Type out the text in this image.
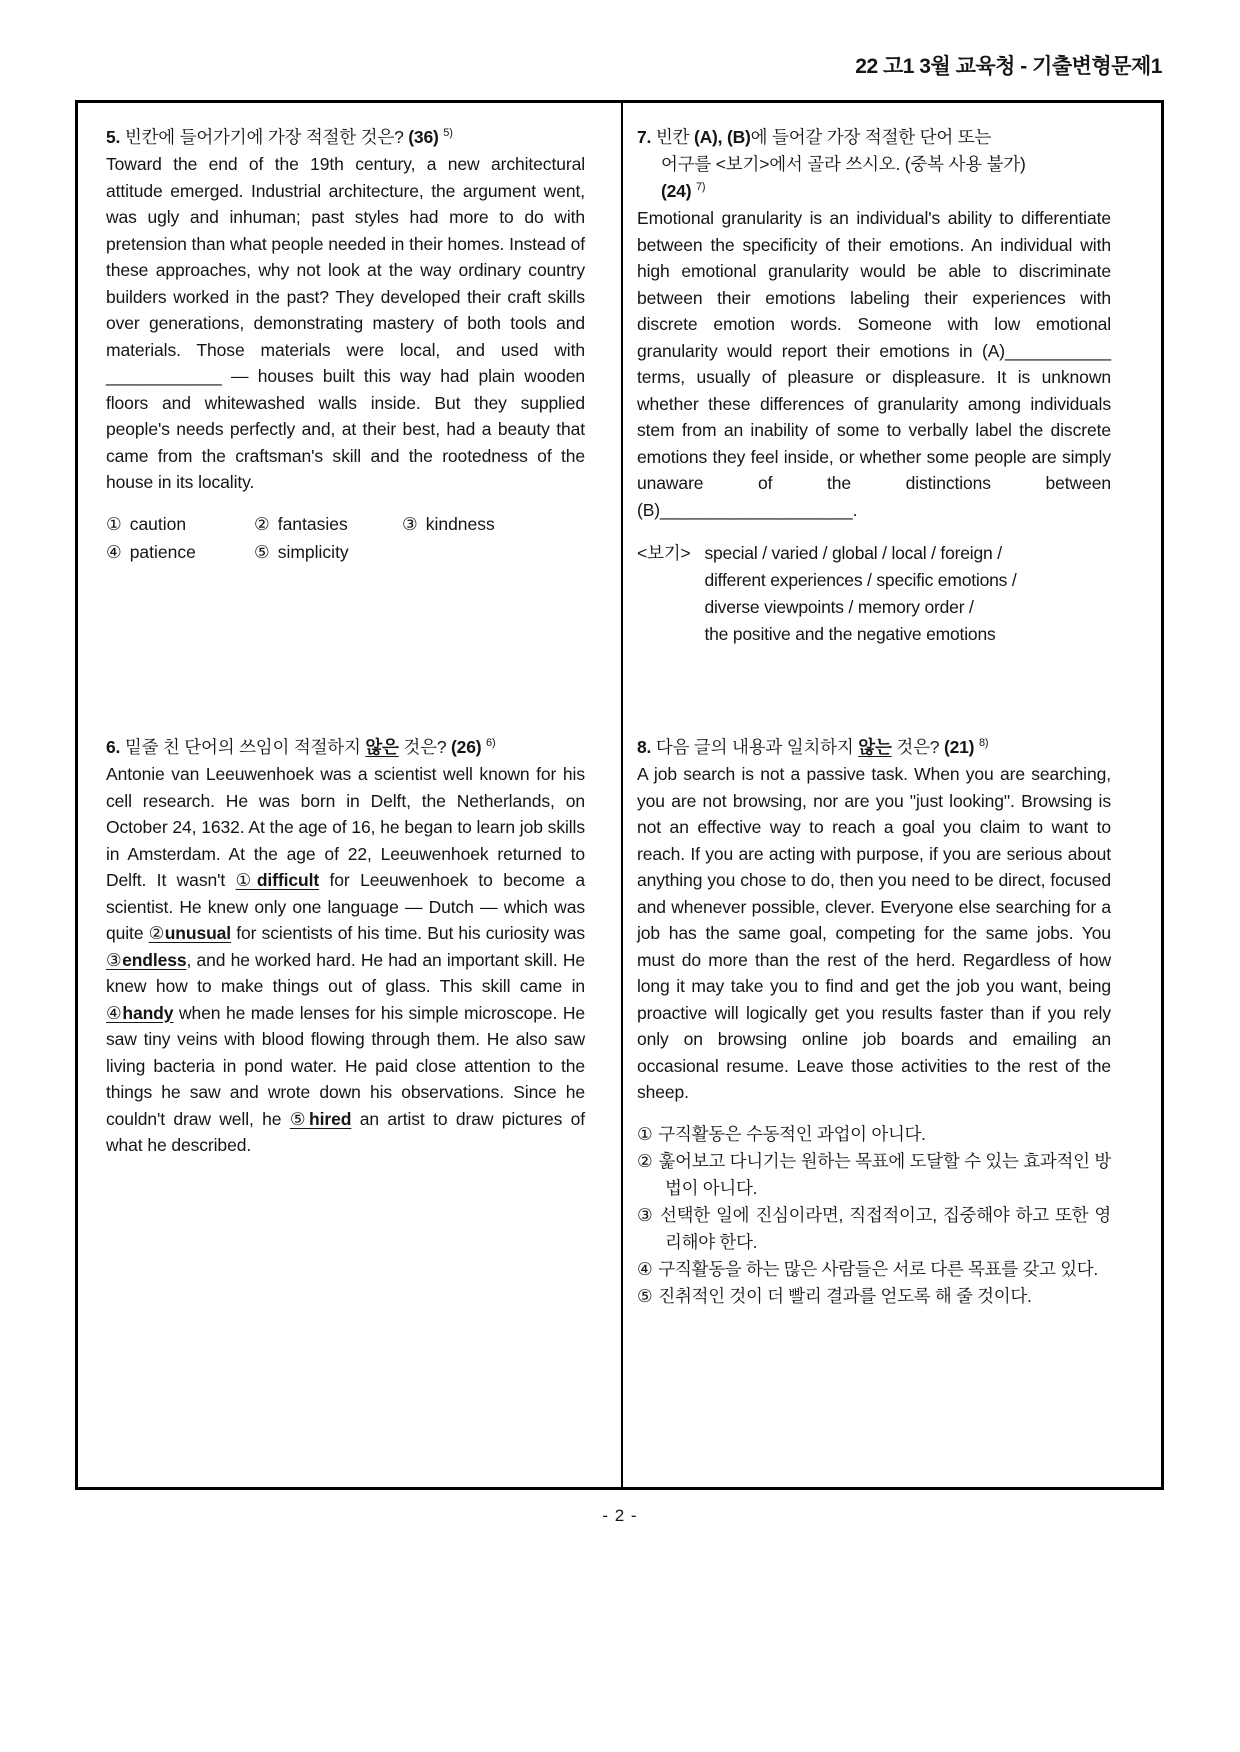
22 고1 3월 교육청 - 기출변형문제1
5. 빈칸에 들어가기에 가장 적절한 것은? (36) $^{5)}$
Toward the end of the 19th century, a new architectural attitude emerged. Industrial architecture, the argument went, was ugly and inhuman; past styles had more to do with pretension than what people needed in their homes. Instead of these approaches, why not look at the way ordinary country builders worked in the past? They developed their craft skills over generations, demonstrating mastery of both tools and materials. Those materials were local, and used with ____________ — houses built this way had plain wooden floors and whitewashed walls inside. But they supplied people's needs perfectly and, at their best, had a beauty that came from the craftsman's skill and the rootedness of the house in its locality.
① caution	② fantasies	③ kindness
④ patience	⑤ simplicity
6. 밑줄 친 단어의 쓰임이 적절하지 않은 것은? (26) $^{6)}$
Antonie van Leeuwenhoek was a scientist well known for his cell research. He was born in Delft, the Netherlands, on October 24, 1632. At the age of 16, he began to learn job skills in Amsterdam. At the age of 22, Leeuwenhoek returned to Delft. It wasn't ①difficult for Leeuwenhoek to become a scientist. He knew only one language — Dutch — which was quite ②unusual for scientists of his time. But his curiosity was ③endless, and he worked hard. He had an important skill. He knew how to make things out of glass. This skill came in ④handy when he made lenses for his simple microscope. He saw tiny veins with blood flowing through them. He also saw living bacteria in pond water. He paid close attention to the things he saw and wrote down his observations. Since he couldn't draw well, he ⑤hired an artist to draw pictures of what he described.
7. 빈칸 (A), (B)에 들어갈 가장 적절한 단어 또는
어구를 <보기>에서 골라 쓰시오. (중복 사용 불가)
(24) $^{7)}$
Emotional granularity is an individual's ability to differentiate between the specificity of their emotions. An individual with high emotional granularity would be able to discriminate between their emotions labeling their experiences with discrete emotion words. Someone with low emotional granularity would report their emotions in (A)___________ terms, usually of pleasure or displeasure. It is unknown whether these differences of granularity among individuals stem from an inability of some to verbally label the discrete emotions they feel inside, or whether some people are simply unaware of the distinctions between (B)____________________.
<보기> special / varied / global / local / foreign /
different experiences / specific emotions /
diverse viewpoints / memory order /
the positive and the negative emotions
8. 다음 글의 내용과 일치하지 않는 것은? (21) $^{8)}$
A job search is not a passive task. When you are searching, you are not browsing, nor are you "just looking". Browsing is not an effective way to reach a goal you claim to want to reach. If you are acting with purpose, if you are serious about anything you chose to do, then you need to be direct, focused and whenever possible, clever. Everyone else searching for a job has the same goal, competing for the same jobs. You must do more than the rest of the herd. Regardless of how long it may take you to find and get the job you want, being proactive will logically get you results faster than if you rely only on browsing online job boards and emailing an occasional resume. Leave those activities to the rest of the sheep.
① 구직활동은 수동적인 과업이 아니다.
② 훑어보고 다니기는 원하는 목표에 도달할 수 있는 효과적인 방법이 아니다.
③ 선택한 일에 진심이라면, 직접적이고, 집중해야 하고 또한 영리해야 한다.
④ 구직활동을 하는 많은 사람들은 서로 다른 목표를 갖고 있다.
⑤ 진취적인 것이 더 빨리 결과를 얻도록 해 줄 것이다.
- 2 -
